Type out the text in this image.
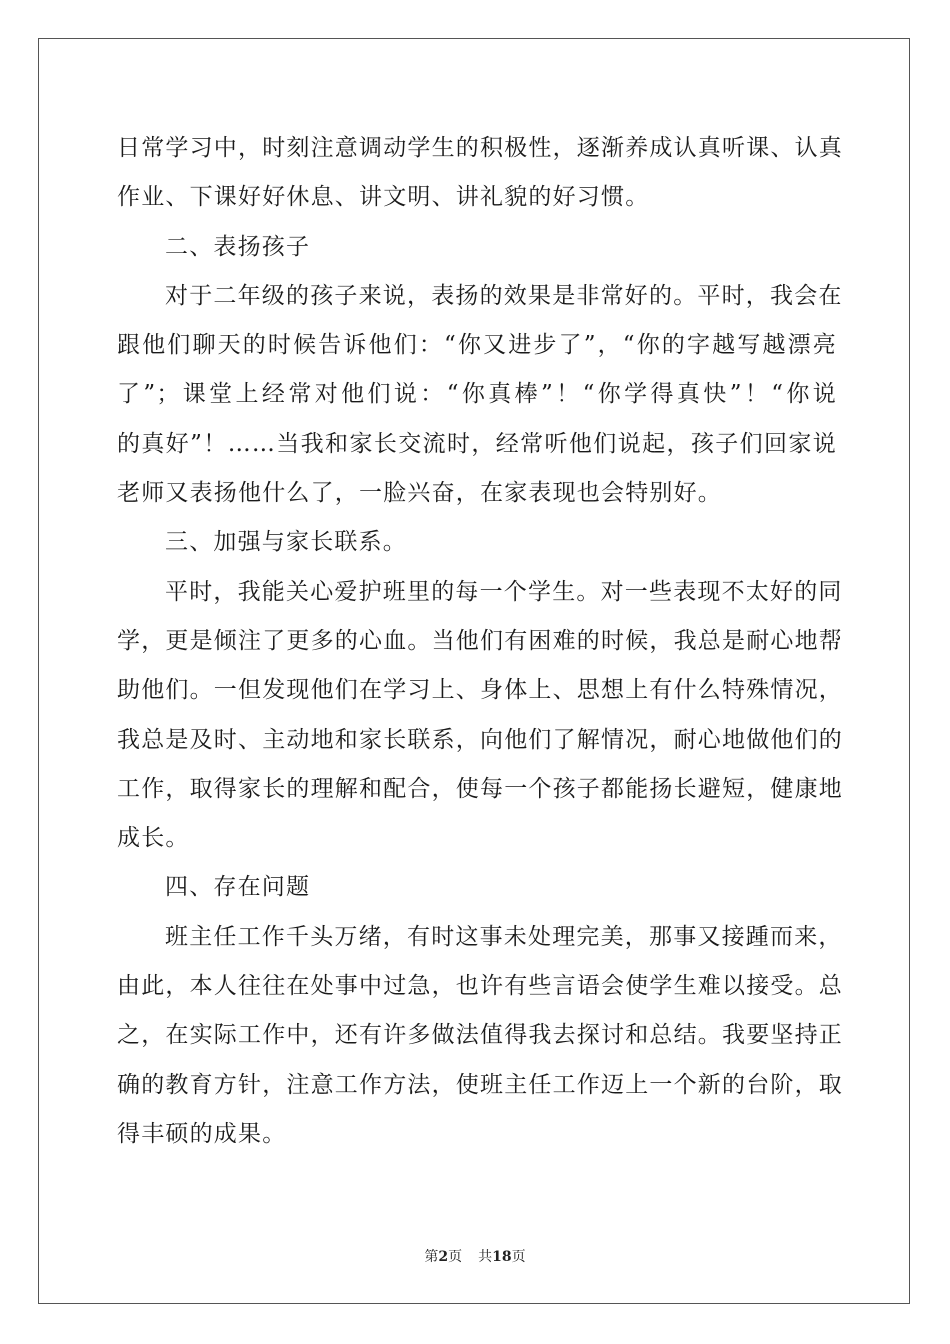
日常学习中，时刻注意调动学生的积极性，逐渐养成认真听课、认真
作业、下课好好休息、讲文明、讲礼貌的好习惯。
二、表扬孩子
对于二年级的孩子来说，表扬的效果是非常好的。平时，我会在
跟他们聊天的时候告诉他们：“你又进步了”，“你的字越写越漂亮
了”；课堂上经常对他们说：“你真棒”！“你学得真快”！“你说
的真好”！……当我和家长交流时，经常听他们说起，孩子们回家说
老师又表扬他什么了，一脸兴奋，在家表现也会特别好。
三、加强与家长联系。
平时，我能关心爱护班里的每一个学生。对一些表现不太好的同
学，更是倾注了更多的心血。当他们有困难的时候，我总是耐心地帮
助他们。一但发现他们在学习上、身体上、思想上有什么特殊情况，
我总是及时、主动地和家长联系，向他们了解情况，耐心地做他们的
工作，取得家长的理解和配合，使每一个孩子都能扬长避短，健康地
成长。
四、存在问题
班主任工作千头万绪，有时这事未处理完美，那事又接踵而来，
由此，本人往往在处事中过急，也许有些言语会使学生难以接受。总
之，在实际工作中，还有许多做法值得我去探讨和总结。我要坚持正
确的教育方针，注意工作方法，使班主任工作迈上一个新的台阶，取
得丰硕的成果。
第2页 共18页
